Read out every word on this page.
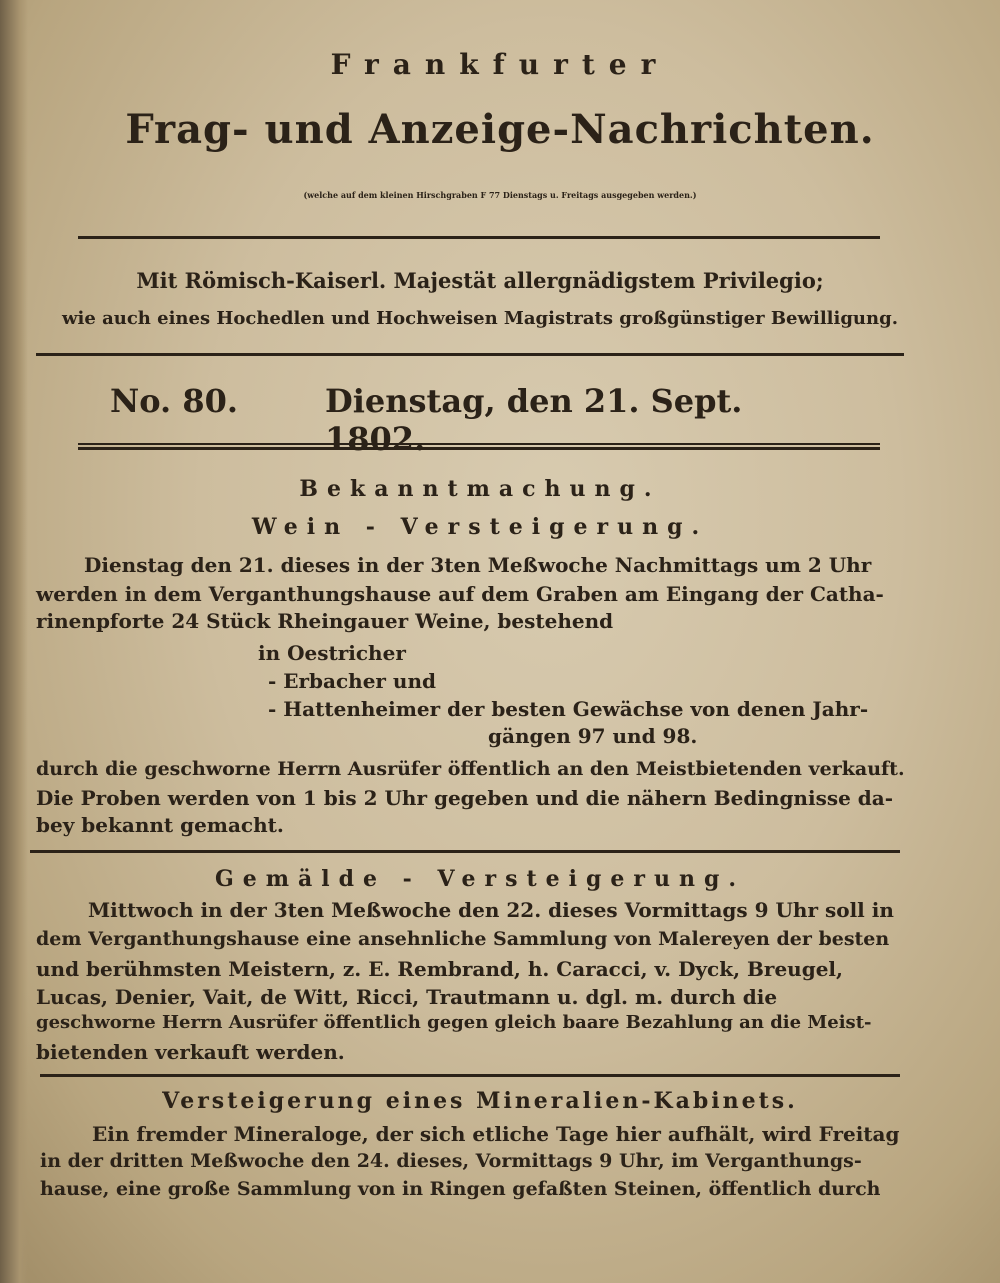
Frankfurter
Frag- und Anzeige-Nachrichten.
(welche auf dem kleinen Hirschgraben F 77 Dienstags u. Freitags ausgegeben werden.)
Mit Römisch-Kaiserl. Majestät allergnädigstem Privilegio;
wie auch eines Hochedlen und Hochweisen Magistrats großgünstiger Bewilligung.
No. 80.	Dienstag, den 21. Sept. 1802.
Bekanntmachung.
Wein - Versteigerung.
Dienstag den 21. dieses in der 3ten Meßwoche Nachmittags um 2 Uhr
werden in dem Verganthungshause auf dem Graben am Eingang der Catha-
rinenpforte 24 Stück Rheingauer Weine, bestehend
in Oestricher
- Erbacher und
- Hattenheimer der besten Gewächse von denen Jahr-
gängen 97 und 98.
durch die geschworne Herrn Ausrüfer öffentlich an den Meistbietenden verkauft.
Die Proben werden von 1 bis 2 Uhr gegeben und die nähern Bedingnisse da-
bey bekannt gemacht.
Gemälde - Versteigerung.
Mittwoch in der 3ten Meßwoche den 22. dieses Vormittags 9 Uhr soll in
dem Verganthungshause eine ansehnliche Sammlung von Malereyen der besten
und berühmsten Meistern, z. E. Rembrand, h. Caracci, v. Dyck, Breugel,
Lucas, Denier, Vait, de Witt, Ricci, Trautmann u. dgl. m. durch die
geschworne Herrn Ausrüfer öffentlich gegen gleich baare Bezahlung an die Meist-
bietenden verkauft werden.
Versteigerung eines Mineralien-Kabinets.
Ein fremder Mineraloge, der sich etliche Tage hier aufhält, wird Freitag
in der dritten Meßwoche den 24. dieses, Vormittags 9 Uhr, im Verganthungs-
hause, eine große Sammlung von in Ringen gefaßten Steinen, öffentlich durch
